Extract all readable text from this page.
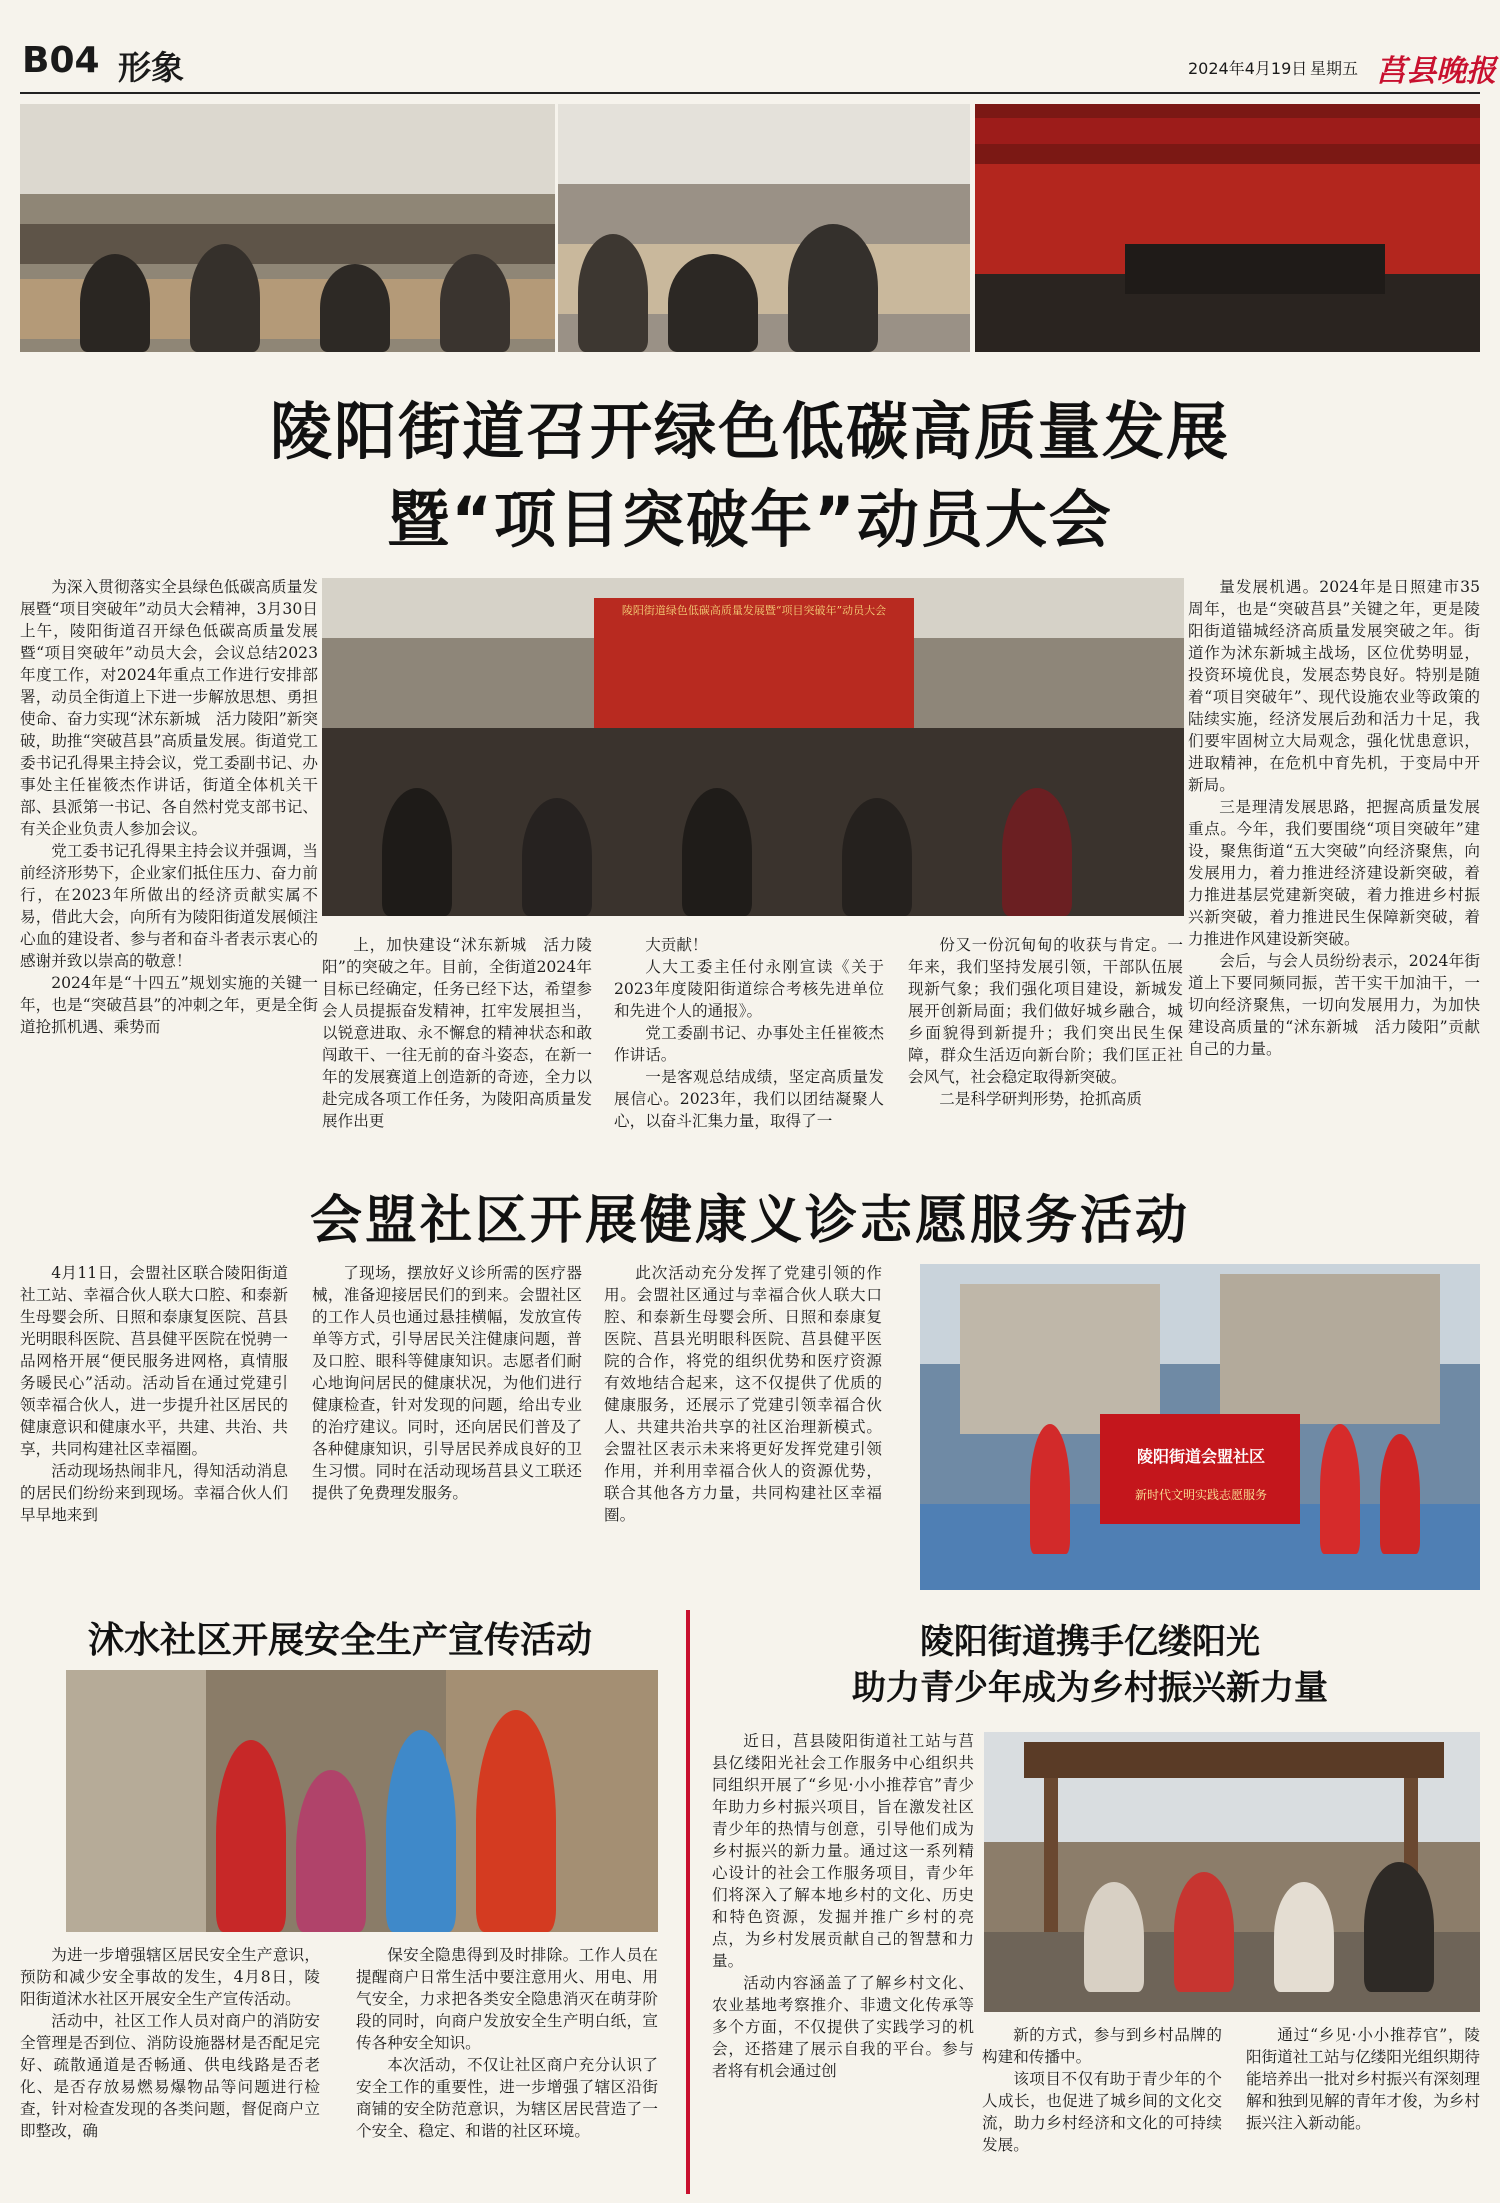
B04 形象	2024年4月19日 星期五 莒县晚报
陵阳街道召开绿色低碳高质量发展
暨“项目突破年”动员大会

为深入贯彻落实全县绿色低碳高质量发展暨“项目突破年”动员大会精神，3月30日上午，陵阳街道召开绿色低碳高质量发展暨“项目突破年”动员大会，会议总结2023年度工作，对2024年重点工作进行安排部署，动员全街道上下进一步解放思想、勇担使命、奋力实现“沭东新城　活力陵阳”新突破，助推“突破莒县”高质量发展。街道党工委书记孔得果主持会议，党工委副书记、办事处主任崔筱杰作讲话，街道全体机关干部、县派第一书记、各自然村党支部书记、有关企业负责人参加会议。

党工委书记孔得果主持会议并强调，当前经济形势下，企业家们抵住压力、奋力前行，在2023年所做出的经济贡献实属不易，借此大会，向所有为陵阳街道发展倾注心血的建设者、参与者和奋斗者表示衷心的感谢并致以崇高的敬意！

2024年是“十四五”规划实施的关键一年，也是“突破莒县”的冲刺之年，更是全街道抢抓机遇、乘势而

陵阳街道绿色低碳高质量发展暨“项目突破年”动员大会

上，加快建设“沭东新城　活力陵阳”的突破之年。目前，全街道2024年目标已经确定，任务已经下达，希望参会人员提振奋发精神，扛牢发展担当，以锐意进取、永不懈怠的精神状态和敢闯敢干、一往无前的奋斗姿态，在新一年的发展赛道上创造新的奇迹，全力以赴完成各项工作任务，为陵阳高质量发展作出更

大贡献！

人大工委主任付永刚宣读《关于2023年度陵阳街道综合考核先进单位和先进个人的通报》。

党工委副书记、办事处主任崔筱杰作讲话。

一是客观总结成绩，坚定高质量发展信心。2023年，我们以团结凝聚人心，以奋斗汇集力量，取得了一

份又一份沉甸甸的收获与肯定。一年来，我们坚持发展引领，干部队伍展现新气象；我们强化项目建设，新城发展开创新局面；我们做好城乡融合，城乡面貌得到新提升；我们突出民生保障，群众生活迈向新台阶；我们匡正社会风气，社会稳定取得新突破。

二是科学研判形势，抢抓高质

量发展机遇。2024年是日照建市35周年，也是“突破莒县”关键之年，更是陵阳街道锚城经济高质量发展突破之年。街道作为沭东新城主战场，区位优势明显，投资环境优良，发展态势良好。特别是随着“项目突破年”、现代设施农业等政策的陆续实施，经济发展后劲和活力十足，我们要牢固树立大局观念，强化忧患意识，进取精神，在危机中育先机，于变局中开新局。

三是理清发展思路，把握高质量发展重点。今年，我们要围绕“项目突破年”建设，聚焦街道“五大突破”向经济聚焦，向发展用力，着力推进经济建设新突破，着力推进基层党建新突破，着力推进乡村振兴新突破，着力推进民生保障新突破，着力推进作风建设新突破。

会后，与会人员纷纷表示，2024年街道上下要同频同振，苦干实干加油干，一切向经济聚焦，一切向发展用力，为加快建设高质量的“沭东新城　活力陵阳”贡献自己的力量。

会盟社区开展健康义诊志愿服务活动

4月11日，会盟社区联合陵阳街道社工站、幸福合伙人联大口腔、和泰新生母婴会所、日照和泰康复医院、莒县光明眼科医院、莒县健平医院在悦骋一品网格开展“便民服务进网格，真情服务暖民心”活动。活动旨在通过党建引领幸福合伙人，进一步提升社区居民的健康意识和健康水平，共建、共治、共享，共同构建社区幸福圈。

活动现场热闹非凡，得知活动消息的居民们纷纷来到现场。幸福合伙人们早早地来到

了现场，摆放好义诊所需的医疗器械，准备迎接居民们的到来。会盟社区的工作人员也通过悬挂横幅，发放宣传单等方式，引导居民关注健康问题，普及口腔、眼科等健康知识。志愿者们耐心地询问居民的健康状况，为他们进行健康检查，针对发现的问题，给出专业的治疗建议。同时，还向居民们普及了各种健康知识，引导居民养成良好的卫生习惯。同时在活动现场莒县义工联还提供了免费理发服务。

此次活动充分发挥了党建引领的作用。会盟社区通过与幸福合伙人联大口腔、和泰新生母婴会所、日照和泰康复医院、莒县光明眼科医院、莒县健平医院的合作，将党的组织优势和医疗资源有效地结合起来，这不仅提供了优质的健康服务，还展示了党建引领幸福合伙人、共建共治共享的社区治理新模式。会盟社区表示未来将更好发挥党建引领作用，并利用幸福合伙人的资源优势，联合其他各方力量，共同构建社区幸福圈。

陵阳街道会盟社区
新时代文明实践志愿服务
沭水社区开展安全生产宣传活动

为进一步增强辖区居民安全生产意识，预防和减少安全事故的发生，4月8日，陵阳街道沭水社区开展安全生产宣传活动。

活动中，社区工作人员对商户的消防安全管理是否到位、消防设施器材是否配足完好、疏散通道是否畅通、供电线路是否老化、是否存放易燃易爆物品等问题进行检查，针对检查发现的各类问题，督促商户立即整改，确

保安全隐患得到及时排除。工作人员在提醒商户日常生活中要注意用火、用电、用气安全，力求把各类安全隐患消灭在萌芽阶段的同时，向商户发放安全生产明白纸，宣传各种安全知识。

本次活动，不仅让社区商户充分认识了安全工作的重要性，进一步增强了辖区沿街商铺的安全防范意识，为辖区居民营造了一个安全、稳定、和谐的社区环境。

陵阳街道携手亿缕阳光
助力青少年成为乡村振兴新力量

近日，莒县陵阳街道社工站与莒县亿缕阳光社会工作服务中心组织共同组织开展了“乡见·小小推荐官”青少年助力乡村振兴项目，旨在激发社区青少年的热情与创意，引导他们成为乡村振兴的新力量。通过这一系列精心设计的社会工作服务项目，青少年们将深入了解本地乡村的文化、历史和特色资源，发掘并推广乡村的亮点，为乡村发展贡献自己的智慧和力量。

活动内容涵盖了了解乡村文化、农业基地考察推介、非遗文化传承等多个方面，不仅提供了实践学习的机会，还搭建了展示自我的平台。参与者将有机会通过创

新的方式，参与到乡村品牌的构建和传播中。

该项目不仅有助于青少年的个人成长，也促进了城乡间的文化交流，助力乡村经济和文化的可持续发展。

通过“乡见·小小推荐官”，陵阳街道社工站与亿缕阳光组织期待能培养出一批对乡村振兴有深刻理解和独到见解的青年才俊，为乡村振兴注入新动能。
